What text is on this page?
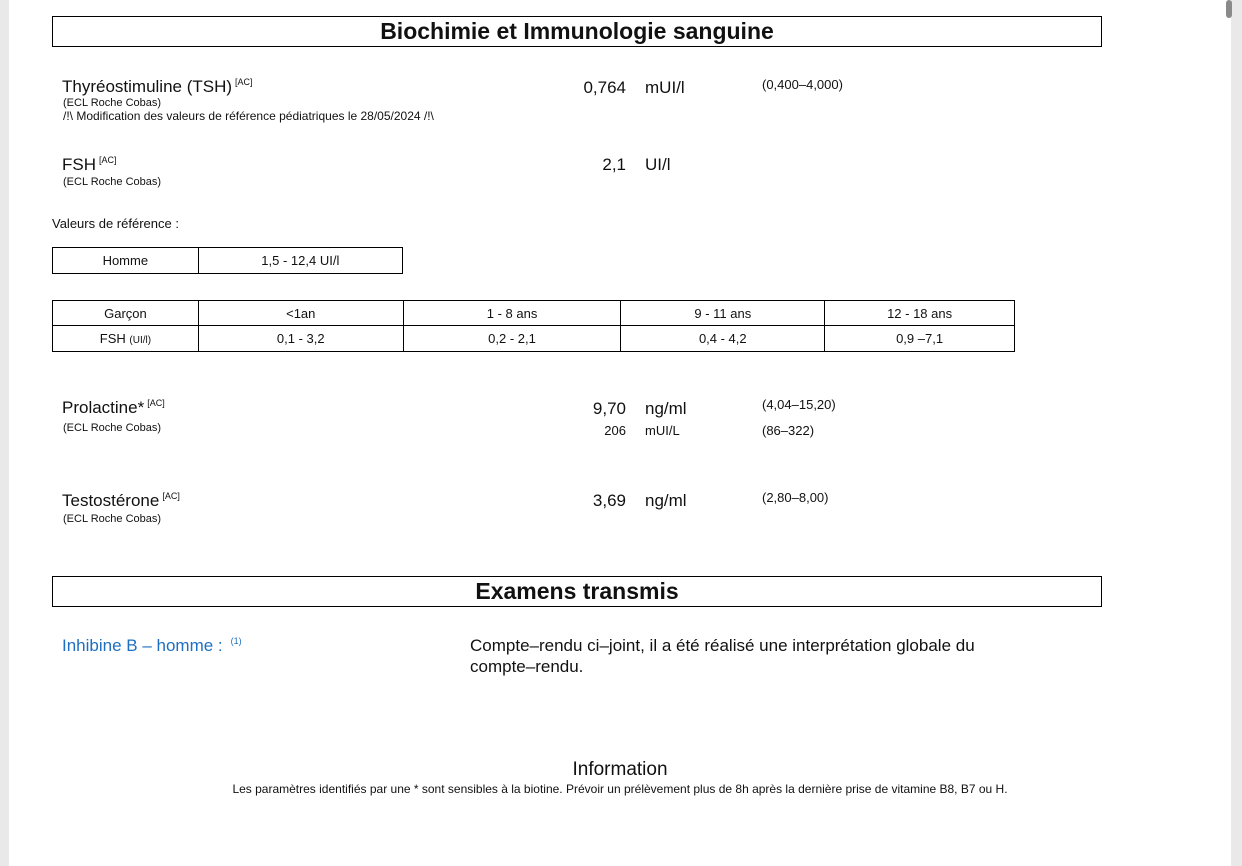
Biochimie et Immunologie sanguine
Thyréostimuline (TSH) [AC]
(ECL Roche Cobas)
/!\ Modification des valeurs de référence pédiatriques le 28/05/2024 /!\
0,764 mUI/l	(0,400–4,000)
FSH [AC]
(ECL Roche Cobas)
2,1 UI/l
Valeurs de référence :
Homme	1,5 - 12,4 UI/l
Garçon	<1an	1 - 8 ans	9 - 11 ans	12 - 18 ans
FSH (UI/l)	0,1 - 3,2	0,2 - 2,1	0,4 - 4,2	0,9 –7,1
Prolactine* [AC]
(ECL Roche Cobas)
9,70 ng/ml	(4,04–15,20)
206 mUI/L	(86–322)
Testostérone [AC]
(ECL Roche Cobas)
3,69 ng/ml	(2,80–8,00)
Examens transmis
Inhibine B – homme : $^{(1)}$	Compte–rendu ci–joint, il a été réalisé une interprétation globale du
compte–rendu.
Information
Les paramètres identifiés par une * sont sensibles à la biotine. Prévoir un prélèvement plus de 8h après la dernière prise de vitamine B8, B7 ou H.
